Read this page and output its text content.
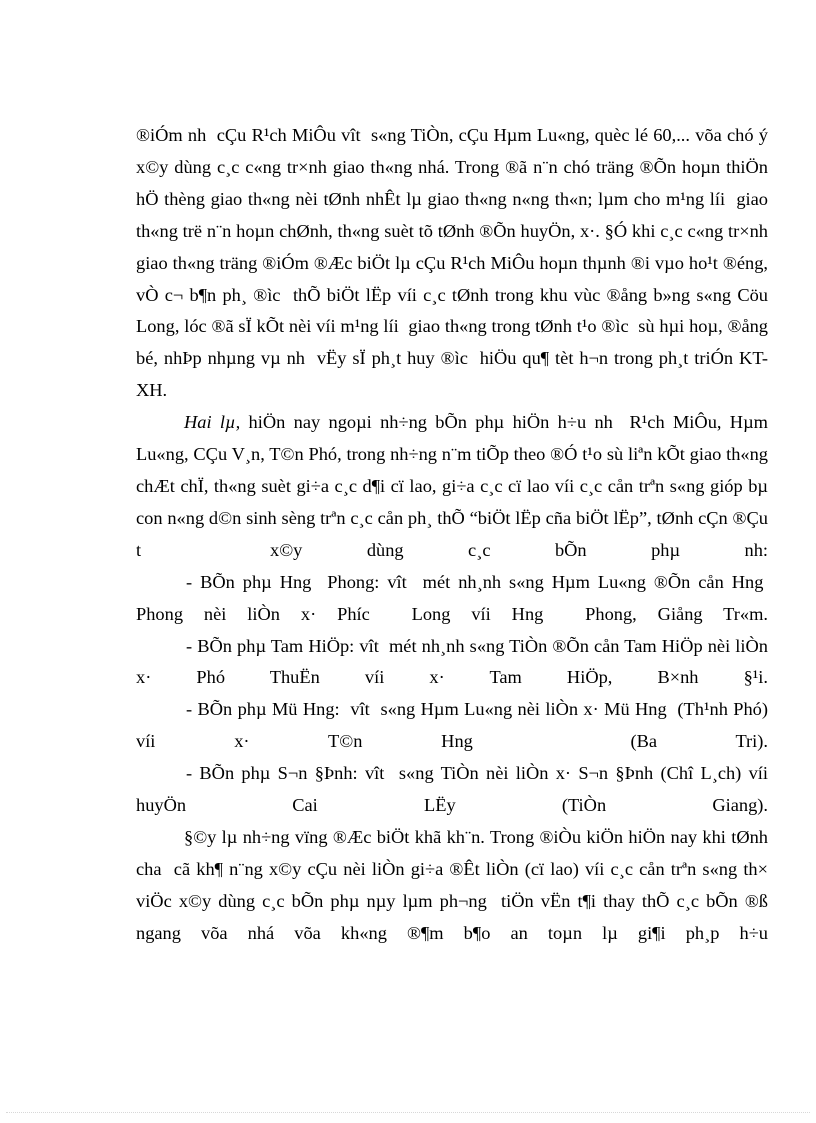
®iÓm nh  cÇu R¹ch MiÔu vît  s«ng TiÒn, cÇu Hµm Lu«ng, quèc lé 60,... võa chó ý x©y dùng c¸c c«ng tr×nh giao th«ng nhá. Trong ®ã n¨n chó träng ®Õn hoµn thiÖn hÖ thèng giao th«ng nèi tØnh nhÊt lµ giao th«ng n«ng th«n; lµm cho m¹ng líi  giao th«ng trë n¨n hoµn chØnh, th«ng suèt tõ tØnh ®Õn huyÖn, x·. §Ó khi c¸c c«ng tr×nh giao th«ng träng ®iÓm ®Æc biÖt lµ cÇu R¹ch MiÔu hoµn thµnh ®i vµo ho¹t ®éng, vÒ c¬ b¶n ph¸ ®ìc  thÕ biÖt lËp víi c¸c tØnh trong khu vùc ®ång b»ng s«ng Cöu Long, lóc ®ã sÏ kÕt nèi víi m¹ng líi  giao th«ng trong tØnh t¹o ®ìc  sù hµi hoµ, ®ång bé, nhÞp nhµng vµ nh  vËy sÏ ph¸t huy ®ìc  hiÖu qu¶ tèt h¬n trong ph¸t triÓn KT-XH.

Hai lµ, hiÖn nay ngoµi nh÷ng bÕn phµ hiÖn h÷u nh  R¹ch MiÔu, Hµm Lu«ng, CÇu V¸n, T©n Phó, trong nh÷ng n¨m tiÕp theo ®Ó t¹o sù liªn kÕt giao th«ng chÆt chÏ, th«ng suèt gi÷a c¸c d¶i cï lao, gi÷a c¸c cï lao víi c¸c cån trªn s«ng gióp bµ con n«ng d©n sinh sèng trªn c¸c cån ph¸ thÕ “biÖt lËp cña biÖt lËp”, tØnh cÇn ®Çu t  x©y dùng c¸c bÕn phµ nh:

- BÕn phµ Hng  Phong: vît  mét nh¸nh s«ng Hµm Lu«ng ®Õn cån Hng  Phong nèi liÒn x· Phíc  Long víi Hng  Phong, Giång Tr«m.

- BÕn phµ Tam HiÖp: vît  mét nh¸nh s«ng TiÒn ®Õn cån Tam HiÖp nèi liÒn x· Phó ThuËn víi x· Tam HiÖp, B×nh §¹i.

- BÕn phµ Mü Hng:  vît  s«ng Hµm Lu«ng nèi liÒn x· Mü Hng  (Th¹nh Phó) víi x· T©n Hng  (Ba Tri).

- BÕn phµ S¬n §Þnh: vît  s«ng TiÒn nèi liÒn x· S¬n §Þnh (Chî L¸ch) víi huyÖn Cai LËy (TiÒn Giang).

§©y lµ nh÷ng vïng ®Æc biÖt khã kh¨n. Trong ®iÒu kiÖn hiÖn nay khi tØnh cha  cã kh¶ n¨ng x©y cÇu nèi liÒn gi÷a ®Êt liÒn (cï lao) víi c¸c cån trªn s«ng th× viÖc x©y dùng c¸c bÕn phµ nµy lµm ph¬ng  tiÖn vËn t¶i thay thÕ c¸c bÕn ®ß ngang võa nhá võa kh«ng ®¶m b¶o an toµn lµ gi¶i ph¸p h÷u
